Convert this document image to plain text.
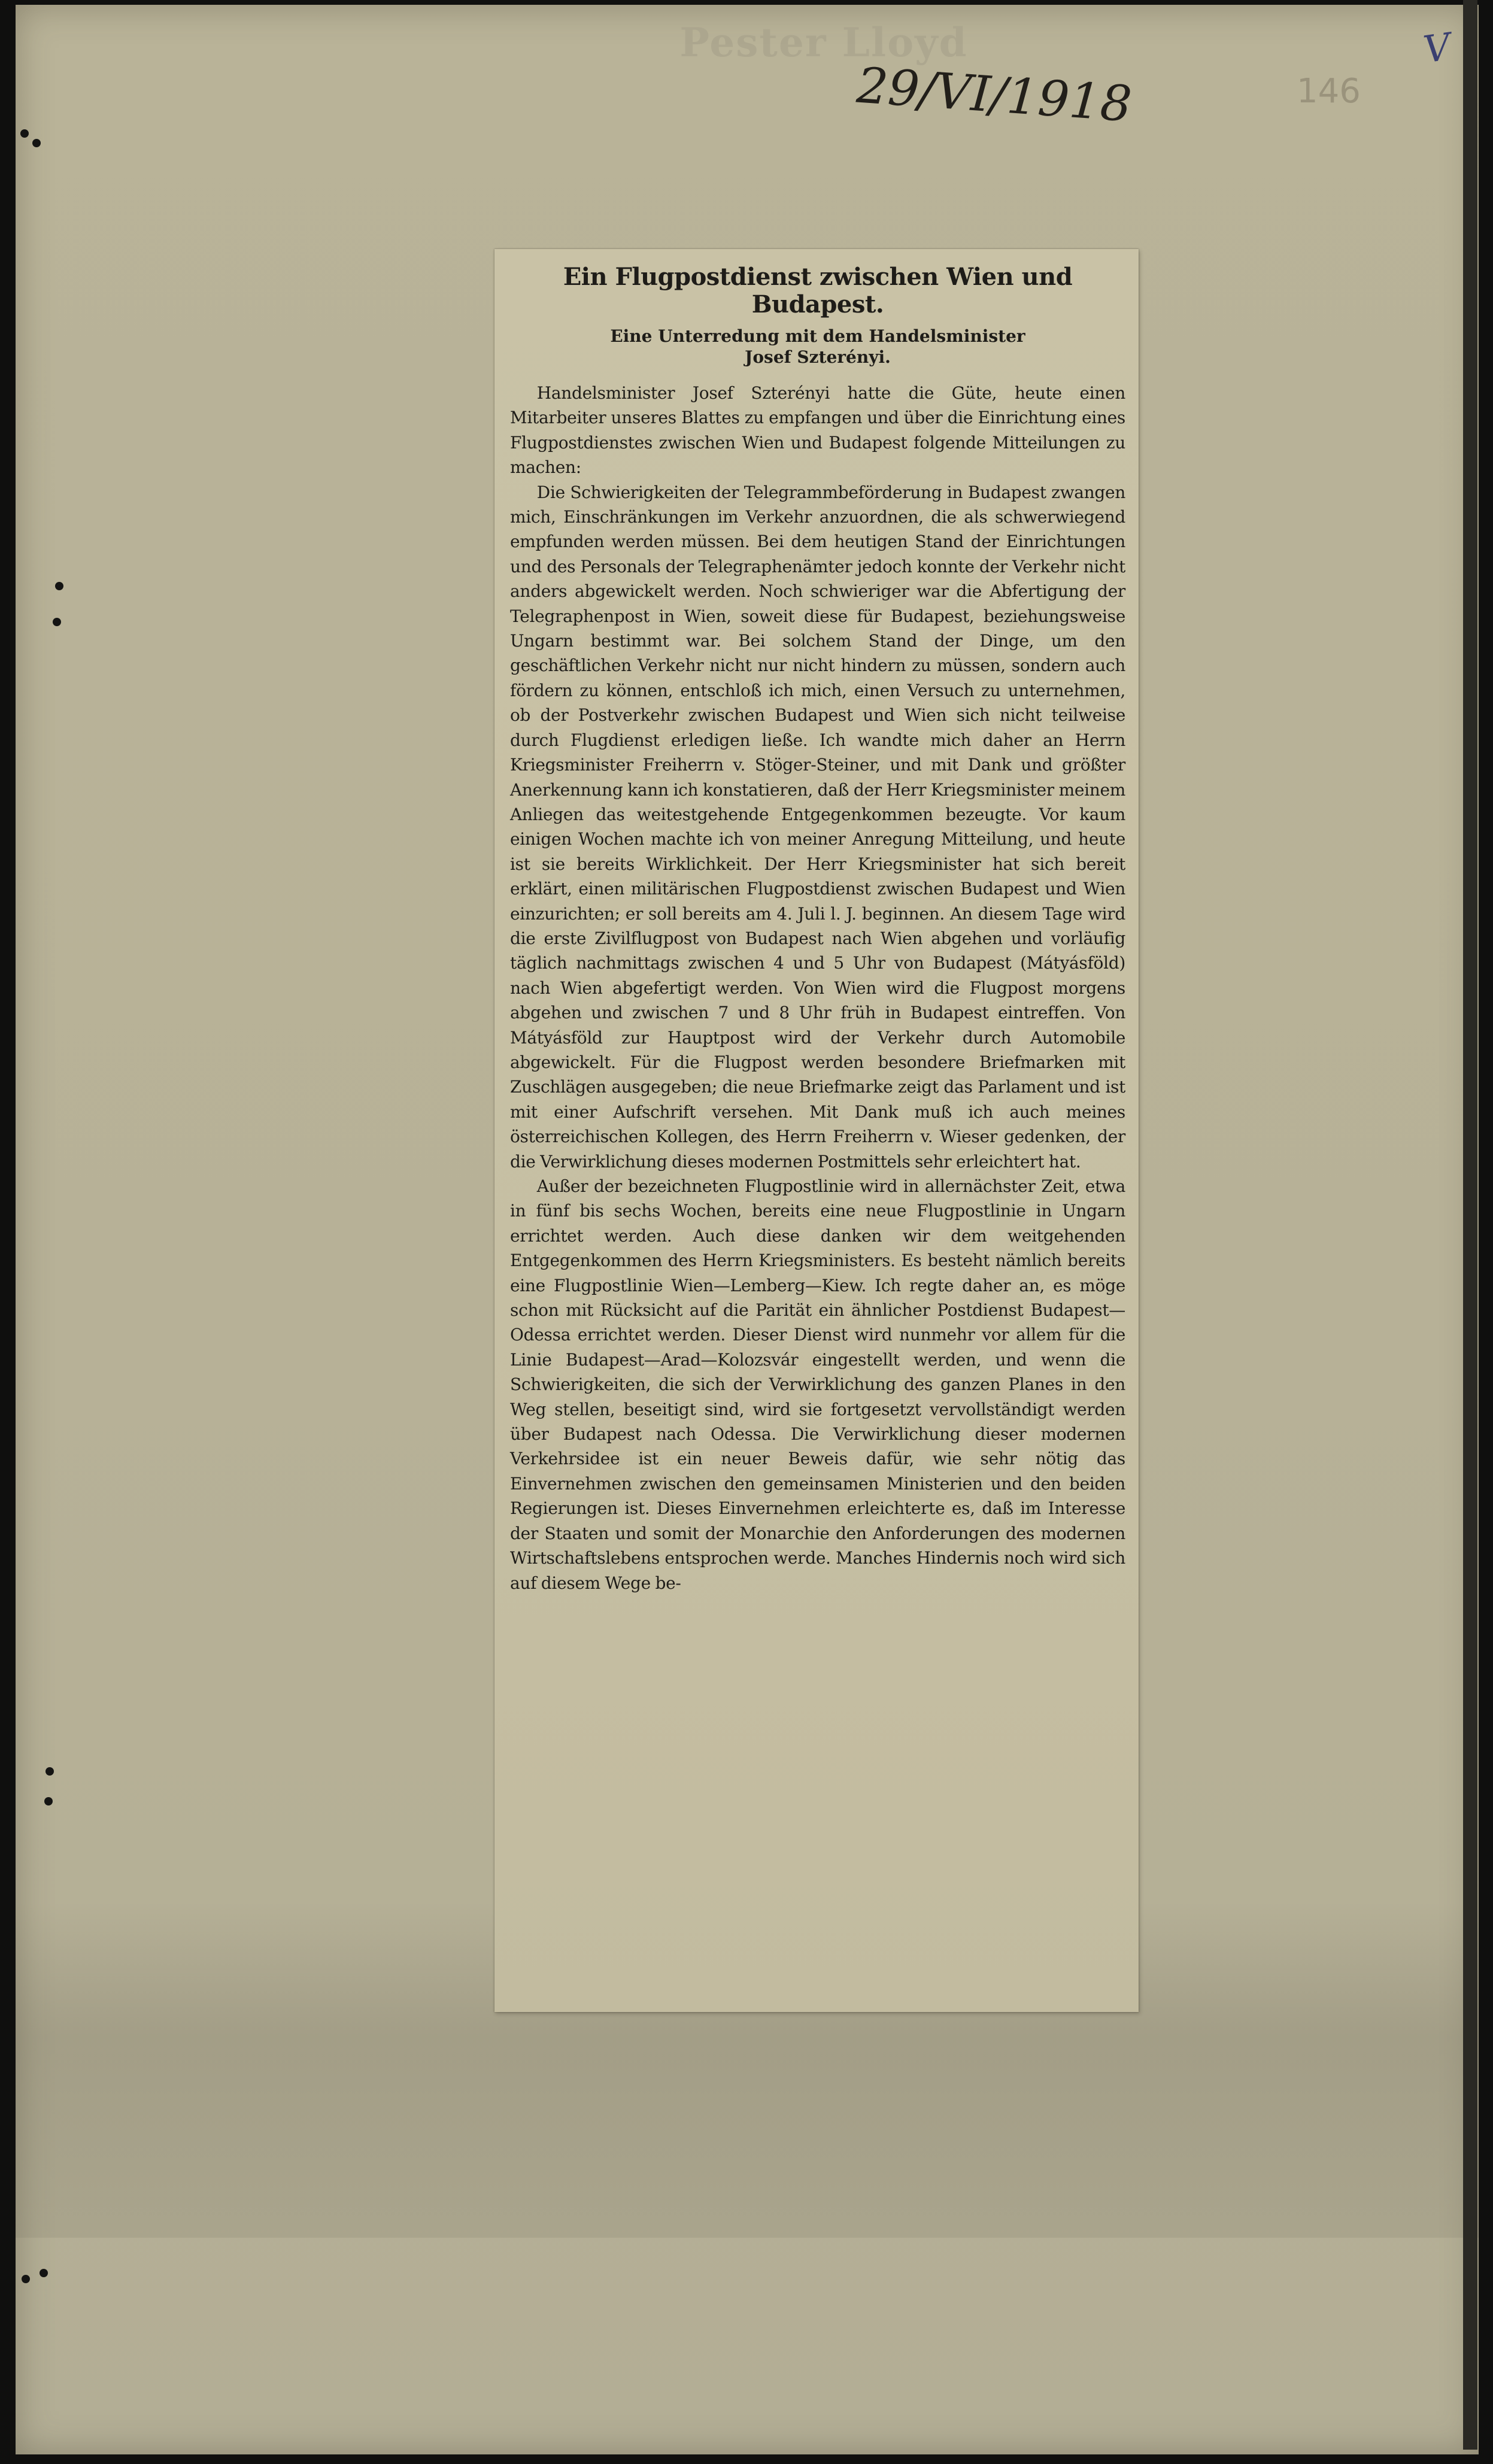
Pester Lloyd
29/VI/1918	146
V
Ein Flugpostdienst zwischen Wien und Budapest.
Eine Unterredung mit dem Handelsminister
Josef Szterényi.

Handelsminister Josef Szterényi hatte die Güte, heute einen Mitarbeiter unseres Blattes zu empfangen und über die Einrichtung eines Flugpostdienstes zwischen Wien und Budapest folgende Mitteilungen zu machen:

Die Schwierigkeiten der Telegrammbeförderung in Budapest zwangen mich, Einschränkungen im Verkehr anzuordnen, die als schwerwiegend empfunden werden müssen. Bei dem heutigen Stand der Einrichtungen und des Personals der Telegraphenämter jedoch konnte der Verkehr nicht anders abgewickelt werden. Noch schwieriger war die Abfertigung der Telegraphenpost in Wien, soweit diese für Budapest, beziehungsweise Ungarn bestimmt war. Bei solchem Stand der Dinge, um den geschäftlichen Verkehr nicht nur nicht hindern zu müssen, sondern auch fördern zu können, entschloß ich mich, einen Versuch zu unternehmen, ob der Postverkehr zwischen Budapest und Wien sich nicht teilweise durch Flugdienst erledigen ließe. Ich wandte mich daher an Herrn Kriegsminister Freiherrn v. Stöger-Steiner, und mit Dank und größter Anerkennung kann ich konstatieren, daß der Herr Kriegsminister meinem Anliegen das weitestgehende Entgegenkommen bezeugte. Vor kaum einigen Wochen machte ich von meiner Anregung Mitteilung, und heute ist sie bereits Wirklichkeit. Der Herr Kriegsminister hat sich bereit erklärt, einen militärischen Flugpostdienst zwischen Budapest und Wien einzurichten; er soll bereits am 4. Juli l. J. beginnen. An diesem Tage wird die erste Zivilflugpost von Budapest nach Wien abgehen und vorläufig täglich nachmittags zwischen 4 und 5 Uhr von Budapest (Mátyásföld) nach Wien abgefertigt werden. Von Wien wird die Flugpost morgens abgehen und zwischen 7 und 8 Uhr früh in Budapest eintreffen. Von Mátyásföld zur Hauptpost wird der Verkehr durch Automobile abgewickelt. Für die Flugpost werden besondere Briefmarken mit Zuschlägen ausgegeben; die neue Briefmarke zeigt das Parlament und ist mit einer Aufschrift versehen. Mit Dank muß ich auch meines österreichischen Kollegen, des Herrn Freiherrn v. Wieser gedenken, der die Verwirklichung dieses modernen Postmittels sehr erleichtert hat.

Außer der bezeichneten Flugpostlinie wird in allernächster Zeit, etwa in fünf bis sechs Wochen, bereits eine neue Flugpostlinie in Ungarn errichtet werden. Auch diese danken wir dem weitgehenden Entgegenkommen des Herrn Kriegsministers. Es besteht nämlich bereits eine Flugpostlinie Wien—Lemberg—Kiew. Ich regte daher an, es möge schon mit Rücksicht auf die Parität ein ähnlicher Postdienst Budapest—Odessa errichtet werden. Dieser Dienst wird nunmehr vor allem für die Linie Budapest—Arad—Kolozsvár eingestellt werden, und wenn die Schwierigkeiten, die sich der Verwirklichung des ganzen Planes in den Weg stellen, beseitigt sind, wird sie fortgesetzt vervollständigt werden über Budapest nach Odessa. Die Verwirklichung dieser modernen Verkehrsidee ist ein neuer Beweis dafür, wie sehr nötig das Einvernehmen zwischen den gemeinsamen Ministerien und den beiden Regierungen ist. Dieses Einvernehmen erleichterte es, daß im Interesse der Staaten und somit der Monarchie den Anforderungen des modernen Wirtschaftslebens entsprochen werde. Manches Hindernis noch wird sich auf diesem Wege be-
